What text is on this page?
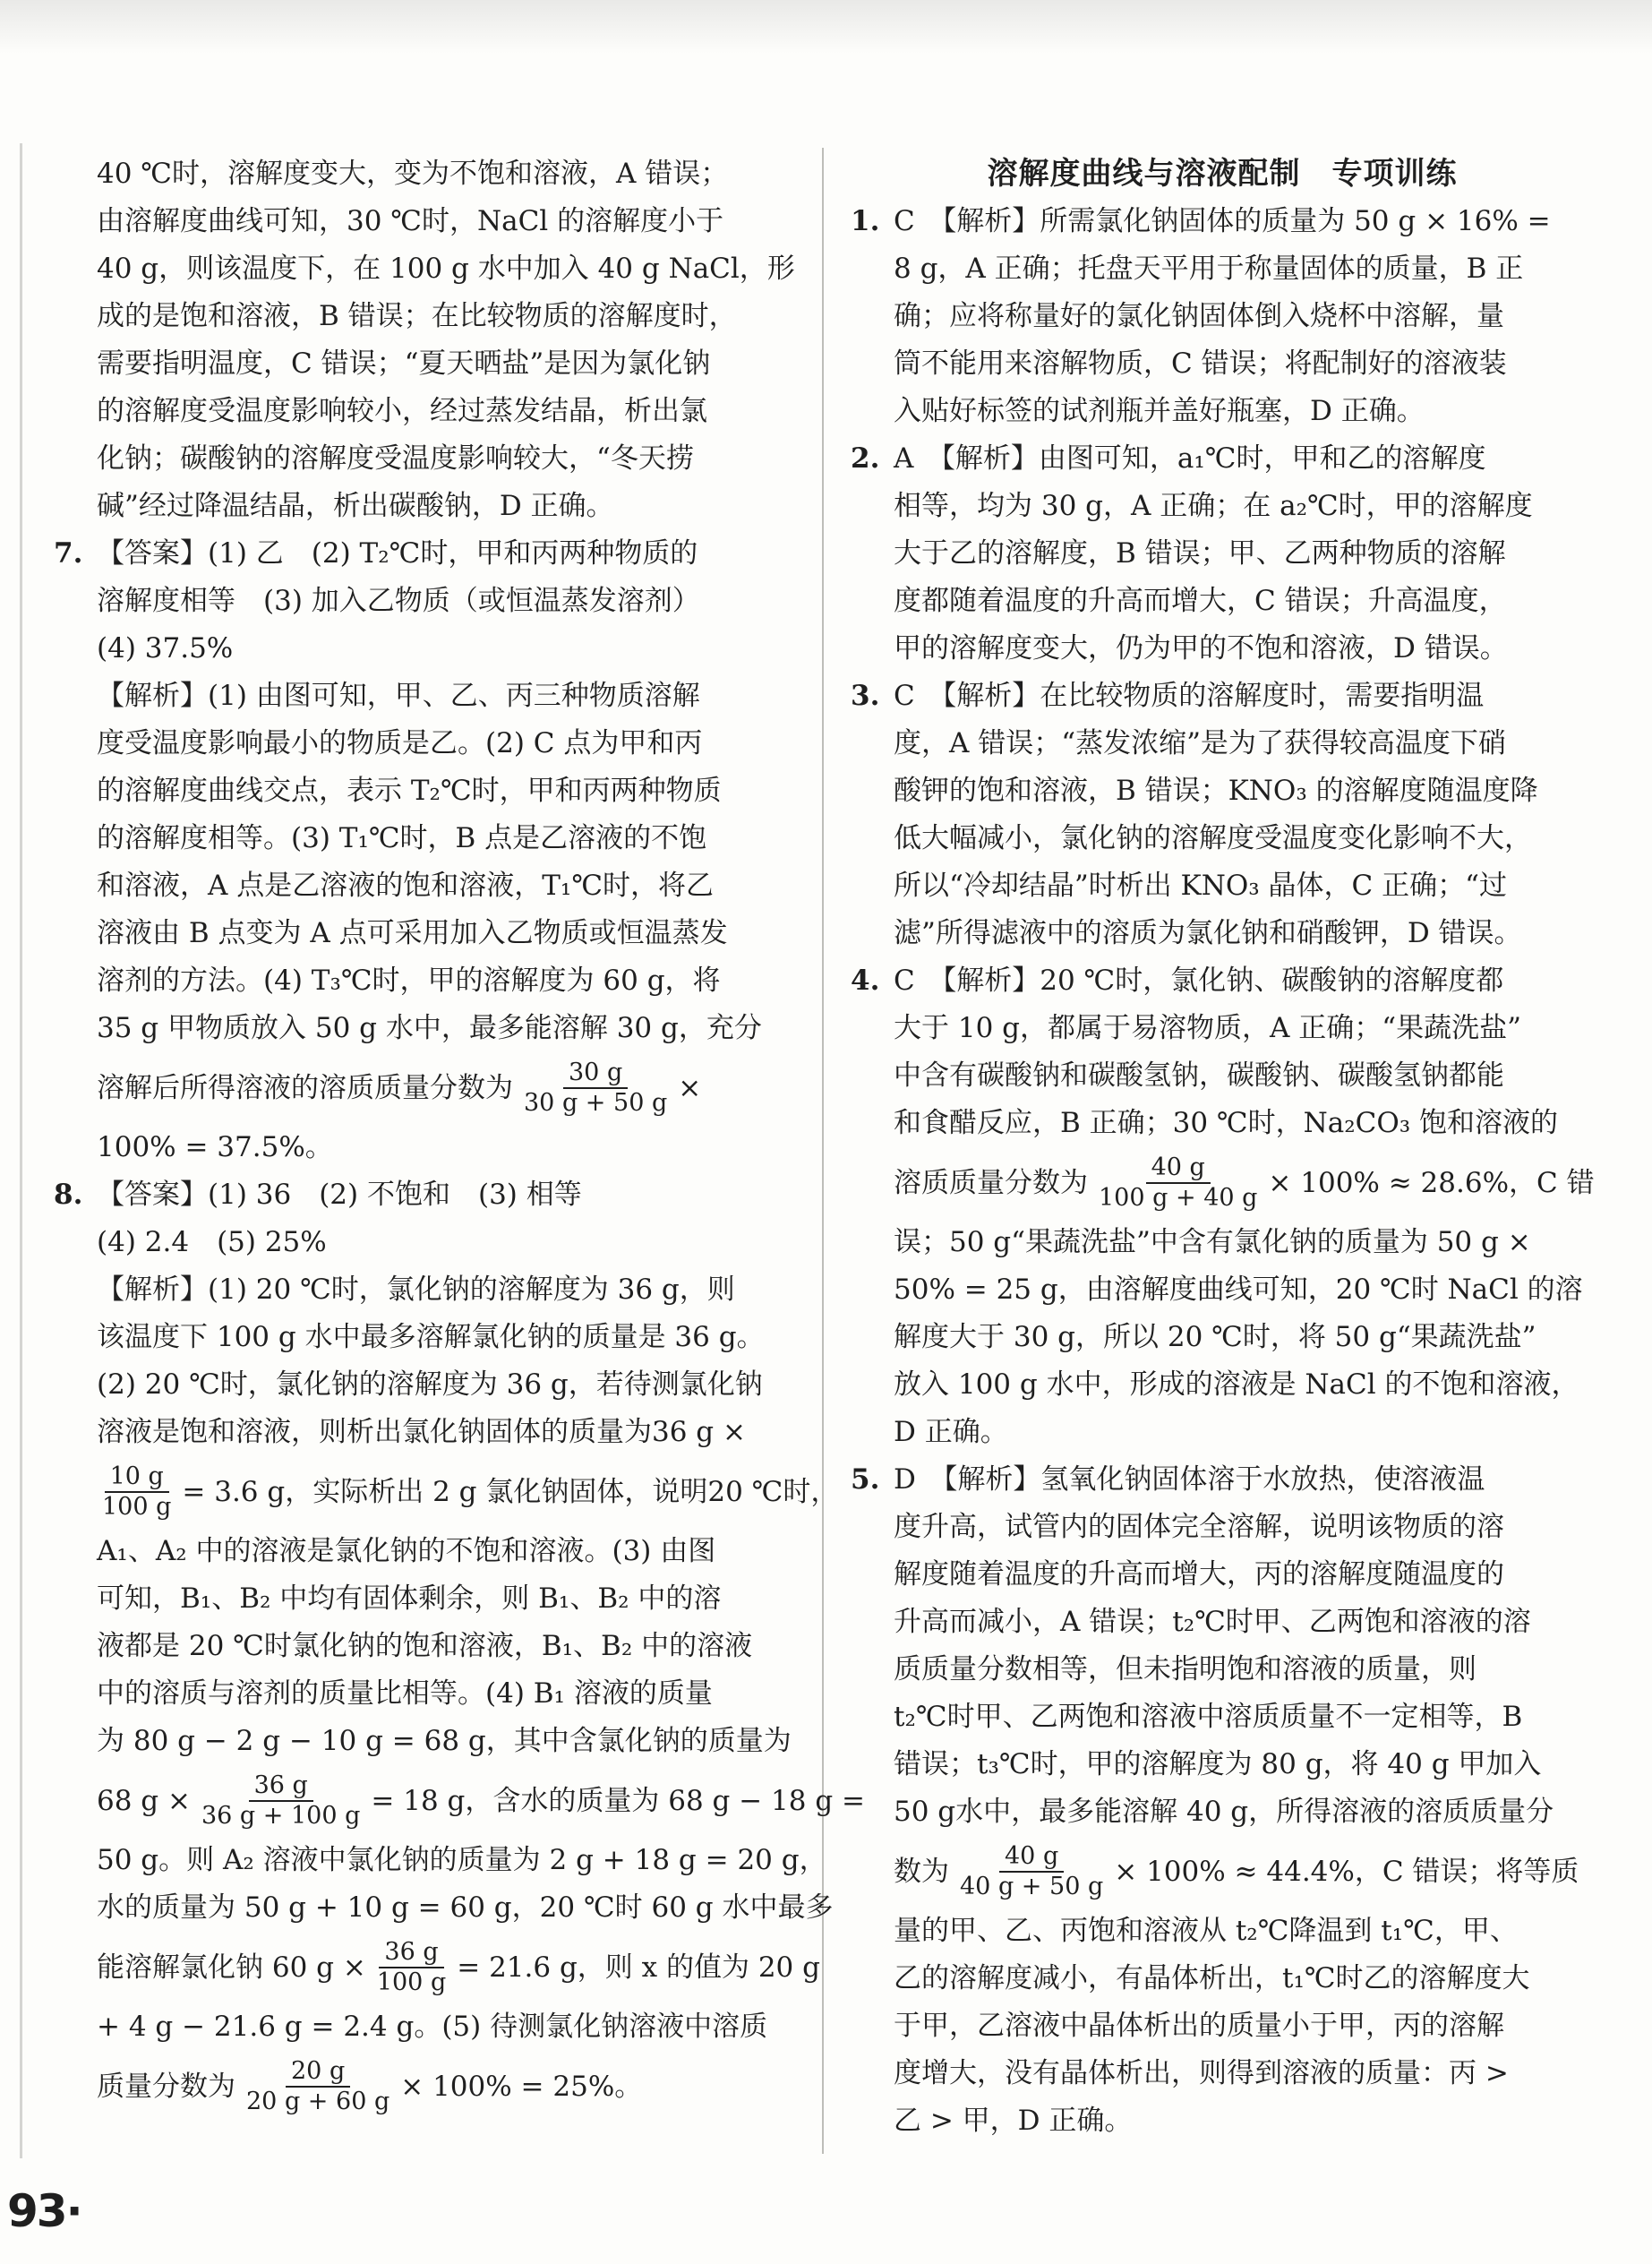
40 ℃时，溶解度变大，变为不饱和溶液，A 错误；
由溶解度曲线可知，30 ℃时，NaCl 的溶解度小于
40 g，则该温度下，在 100 g 水中加入 40 g NaCl，形
成的是饱和溶液，B 错误；在比较物质的溶解度时，
需要指明温度，C 错误；“夏天晒盐”是因为氯化钠
的溶解度受温度影响较小，经过蒸发结晶，析出氯
化钠；碳酸钠的溶解度受温度影响较大，“冬天捞
碱”经过降温结晶，析出碳酸钠，D 正确。
7. 【答案】(1) 乙　(2) T₂℃时，甲和丙两种物质的
溶解度相等　(3) 加入乙物质（或恒温蒸发溶剂）
(4) 37.5%
【解析】(1) 由图可知，甲、乙、丙三种物质溶解
度受温度影响最小的物质是乙。(2) C 点为甲和丙
的溶解度曲线交点，表示 T₂℃时，甲和丙两种物质
的溶解度相等。(3) T₁℃时，B 点是乙溶液的不饱
和溶液，A 点是乙溶液的饱和溶液，T₁℃时，将乙
溶液由 B 点变为 A 点可采用加入乙物质或恒温蒸发
溶剂的方法。(4) T₃℃时，甲的溶解度为 60 g，将
35 g 甲物质放入 50 g 水中，最多能溶解 30 g，充分
溶解后所得溶液的溶质质量分数为 $\frac{30 g}{30 g + 50 g}$ ×
100% = 37.5%。
8. 【答案】(1) 36　(2) 不饱和　(3) 相等
(4) 2.4　(5) 25%
【解析】(1) 20 ℃时，氯化钠的溶解度为 36 g，则
该温度下 100 g 水中最多溶解氯化钠的质量是 36 g。
(2) 20 ℃时，氯化钠的溶解度为 36 g，若待测氯化钠
溶液是饱和溶液，则析出氯化钠固体的质量为36 g ×
$\frac{10 g}{100 g} = 3.6$ g，实际析出 2 g 氯化钠固体，说明20 ℃时，
A₁、A₂ 中的溶液是氯化钠的不饱和溶液。(3) 由图
可知，B₁、B₂ 中均有固体剩余，则 B₁、B₂ 中的溶
液都是 20 ℃时氯化钠的饱和溶液，B₁、B₂ 中的溶液
中的溶质与溶剂的质量比相等。(4) B₁ 溶液的质量
为 80 g − 2 g − 10 g = 68 g，其中含氯化钠的质量为
68 $g \times \frac{36 g}{36 g + 100 g} = 18$ g，含水的质量为 68 g − 18 g =
50 g。则 A₂ 溶液中氯化钠的质量为 2 g + 18 g = 20 g，
水的质量为 50 g + 10 g = 60 g，20 ℃时 60 g 水中最多
能溶解氯化钠 60 $g \times \frac{36 g}{100 g} = 21.6$ g，则 x 的值为 20 g
+ 4 g − 21.6 g = 2.4 g。(5) 待测氯化钠溶液中溶质
质量分数为 $\frac{20 g}{20 g + 60 g} \times 100\% = 25\%$。
溶解度曲线与溶液配制　专项训练
1. C　【解析】所需氯化钠固体的质量为 50 g × 16% =
8 g，A 正确；托盘天平用于称量固体的质量，B 正
确；应将称量好的氯化钠固体倒入烧杯中溶解，量
筒不能用来溶解物质，C 错误；将配制好的溶液装
入贴好标签的试剂瓶并盖好瓶塞，D 正确。
2. A　【解析】由图可知，a₁℃时，甲和乙的溶解度
相等，均为 30 g，A 正确；在 a₂℃时，甲的溶解度
大于乙的溶解度，B 错误；甲、乙两种物质的溶解
度都随着温度的升高而增大，C 错误；升高温度，
甲的溶解度变大，仍为甲的不饱和溶液，D 错误。
3. C　【解析】在比较物质的溶解度时，需要指明温
度，A 错误；“蒸发浓缩”是为了获得较高温度下硝
酸钾的饱和溶液，B 错误；KNO₃ 的溶解度随温度降
低大幅减小，氯化钠的溶解度受温度变化影响不大，
所以“冷却结晶”时析出 KNO₃ 晶体，C 正确；“过
滤”所得滤液中的溶质为氯化钠和硝酸钾，D 错误。
4. C　【解析】20 ℃时，氯化钠、碳酸钠的溶解度都
大于 10 g，都属于易溶物质，A 正确；“果蔬洗盐”
中含有碳酸钠和碳酸氢钠，碳酸钠、碳酸氢钠都能
和食醋反应，B 正确；30 ℃时，Na₂CO₃ 饱和溶液的
溶质质量分数为 $\frac{40 g}{100 g + 40 g} \times 100\% \approx 28.6\%$，C 错
误；50 g“果蔬洗盐”中含有氯化钠的质量为 50 g ×
50% = 25 g，由溶解度曲线可知，20 ℃时 NaCl 的溶
解度大于 30 g，所以 20 ℃时，将 50 g“果蔬洗盐”
放入 100 g 水中，形成的溶液是 NaCl 的不饱和溶液，
D 正确。
5. D　【解析】氢氧化钠固体溶于水放热，使溶液温
度升高，试管内的固体完全溶解，说明该物质的溶
解度随着温度的升高而增大，丙的溶解度随温度的
升高而减小，A 错误；t₂℃时甲、乙两饱和溶液的溶
质质量分数相等，但未指明饱和溶液的质量，则
t₂℃时甲、乙两饱和溶液中溶质质量不一定相等，B
错误；t₃℃时，甲的溶解度为 80 g，将 40 g 甲加入
50 g水中，最多能溶解 40 g，所得溶液的溶质质量分
数为 $\frac{40 g}{40 g + 50 g} \times 100\% \approx 44.4\%$，C 错误；将等质
量的甲、乙、丙饱和溶液从 t₂℃降温到 t₁℃，甲、
乙的溶解度减小，有晶体析出，t₁℃时乙的溶解度大
于甲，乙溶液中晶体析出的质量小于甲，丙的溶解
度增大，没有晶体析出，则得到溶液的质量：丙 >
乙 > 甲，D 正确。
93·
